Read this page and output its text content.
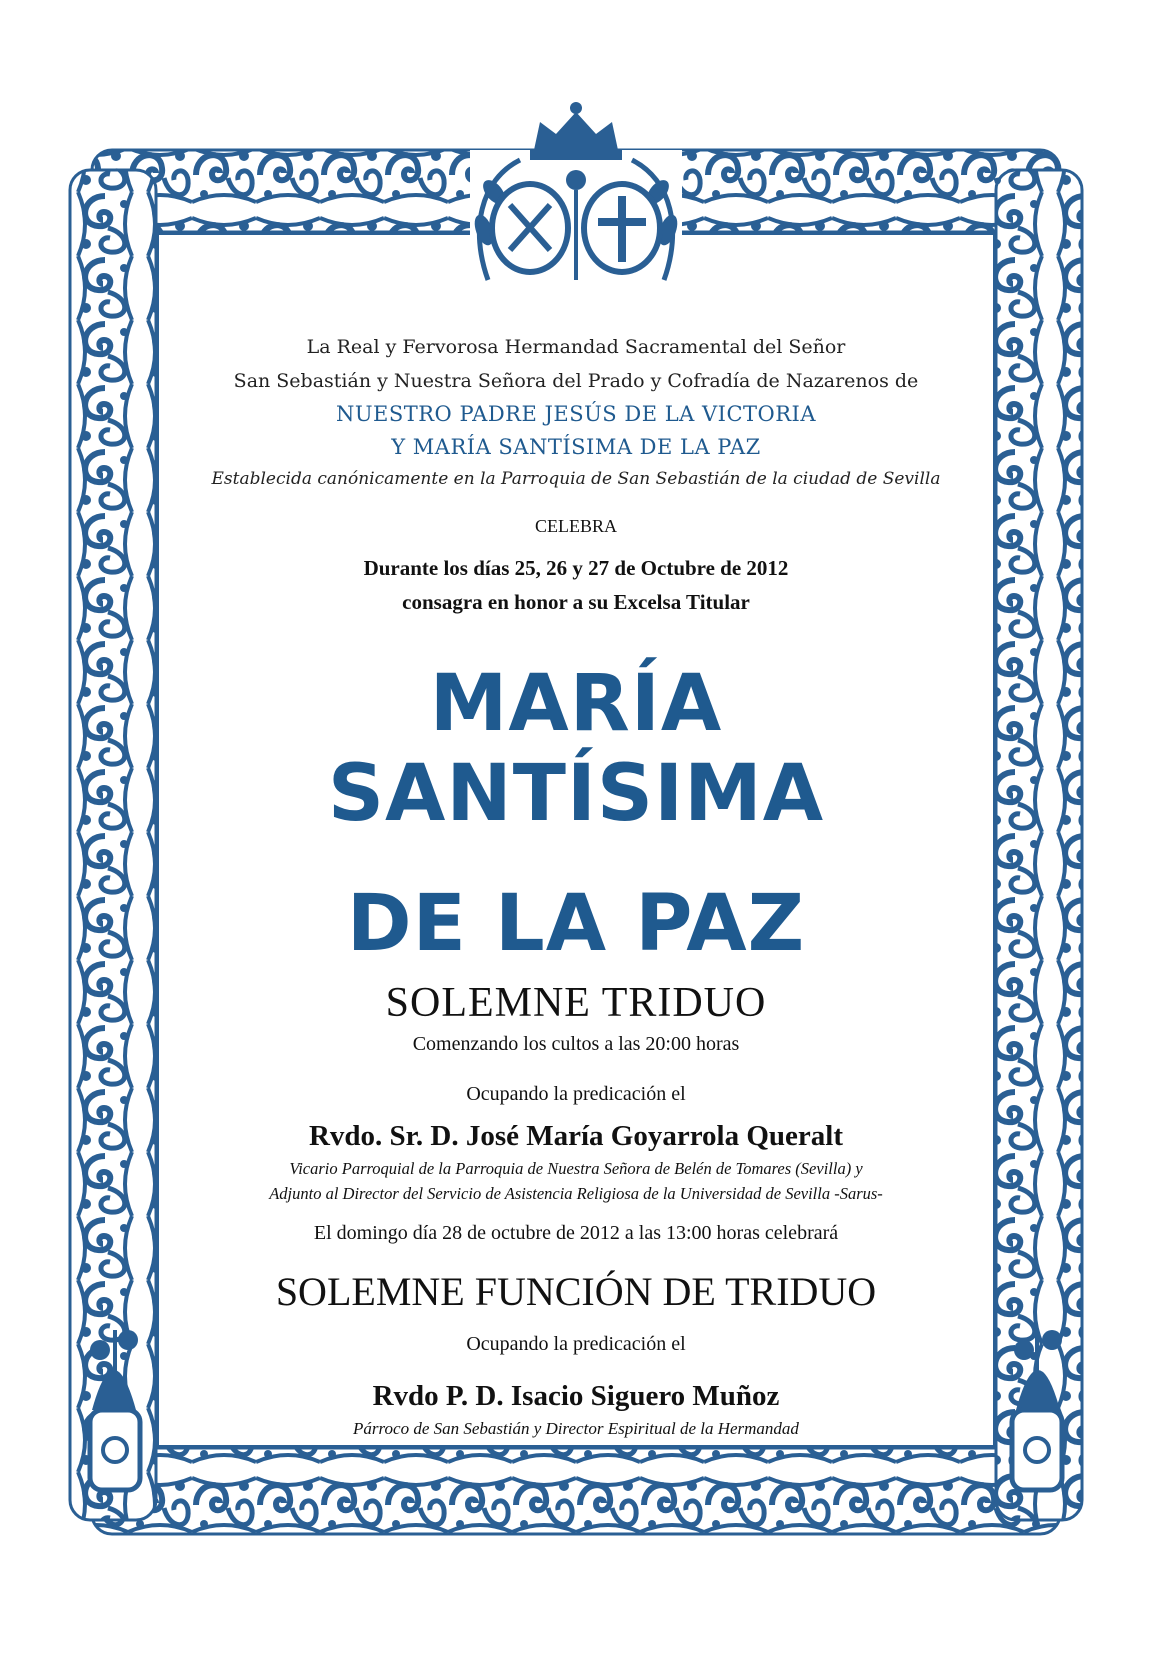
La Real y Fervorosa Hermandad Sacramental del Señor
San Sebastián y Nuestra Señora del Prado y Cofradía de Nazarenos de
NUESTRO PADRE JESÚS DE LA VICTORIA
Y MARÍA SANTÍSIMA DE LA PAZ
Establecida canónicamente en la Parroquia de San Sebastián de la ciudad de Sevilla
CELEBRA
Durante los días 25, 26 y 27 de Octubre de 2012
consagra en honor a su Excelsa Titular
MARÍA SANTÍSIMA
DE LA PAZ
SOLEMNE TRIDUO
Comenzando los cultos a las 20:00 horas
Ocupando la predicación el
Rvdo. Sr. D. José María Goyarrola Queralt
Vicario Parroquial de la Parroquia de Nuestra Señora de Belén de Tomares (Sevilla) y
Adjunto al Director del Servicio de Asistencia Religiosa de la Universidad de Sevilla -Sarus-
El domingo día 28 de octubre de 2012 a las 13:00 horas celebrará
SOLEMNE FUNCIÓN DE TRIDUO
Ocupando la predicación el
Rvdo P. D. Isacio Siguero Muñoz
Párroco de San Sebastián y Director Espiritual de la Hermandad
